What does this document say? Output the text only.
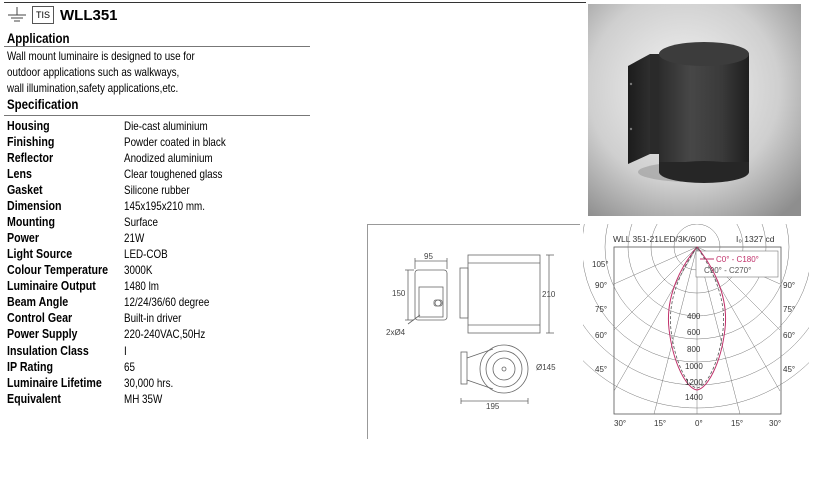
TIS WLL351
Application
Wall mount luminaire is designed to use for
outdoor applications such as walkways,
wall illumination,safety applications,etc.
Specification
Housing	Die-cast aluminium
Finishing	Powder coated in black
Reflector	Anodized aluminium
Lens	Clear toughened glass
Gasket	Silicone rubber
Dimension	145x195x210 mm.
Mounting	Surface
Power	21W
Light Source	LED-COB
Colour Temperature 3000K
Luminaire Output 1480 lm
Beam Angle	12/24/36/60 degree
Control Gear	Built-in driver
Power Supply	220-240VAC,50Hz
Insulation Class	I
IP Rating	65
Luminaire Lifetime 30,000 hrs.
Equivalent	MH 35W
95
150	210
2xØ4
Ø145
195
WLL 351-21LED/3K/60D	I₀ 1327 cd
C0° - C180°
C90° - C270°
400
600
800
1000
1200
1400
105°
90°
75°
60°
45°
90°
75°
60°
45°
30°	15°	0°	15°	30°
